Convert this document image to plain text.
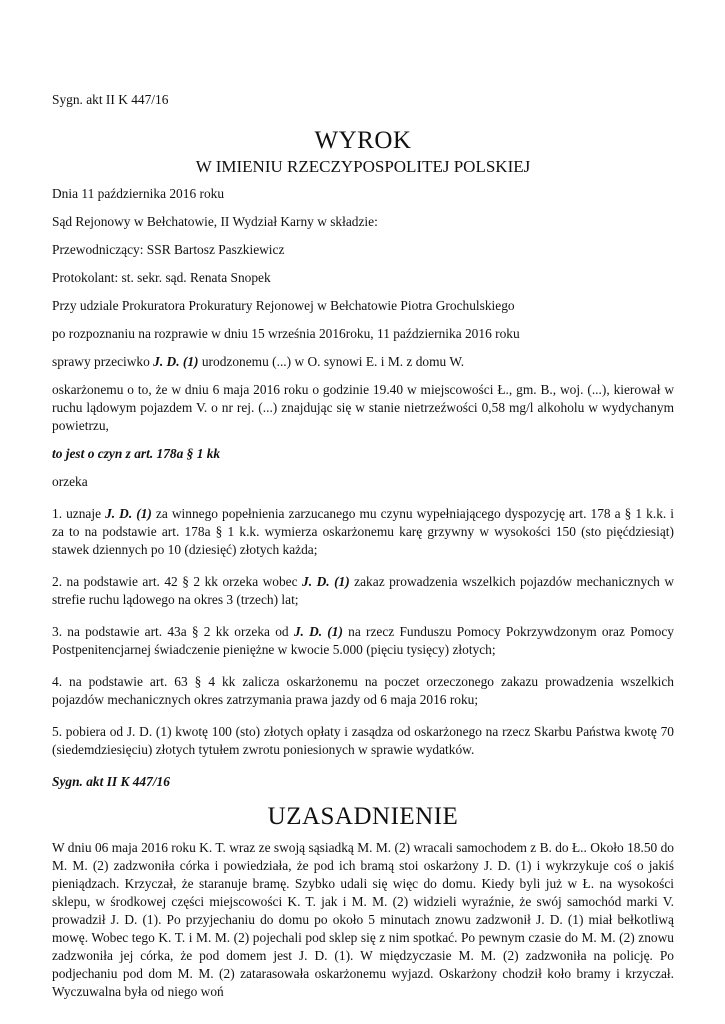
Sygn. akt II K 447/16

WYROK

W IMIENIU RZECZYPOSPOLITEJ POLSKIEJ

Dnia 11 października 2016 roku

Sąd Rejonowy w Bełchatowie, II Wydział Karny w składzie:

Przewodniczący: SSR Bartosz Paszkiewicz

Protokolant: st. sekr. sąd. Renata Snopek

Przy udziale Prokuratora Prokuratury Rejonowej w Bełchatowie Piotra Grochulskiego

po rozpoznaniu na rozprawie w dniu 15 września 2016roku, 11 października 2016 roku

sprawy przeciwko J. D. (1) urodzonemu (...) w O. synowi E. i M. z domu W.

oskarżonemu o to, że w dniu 6 maja 2016 roku o godzinie 19.40 w miejscowości Ł., gm. B., woj. (...), kierował w ruchu lądowym pojazdem V. o nr rej. (...) znajdując się w stanie nietrzeźwości 0,58 mg/l alkoholu w wydychanym powietrzu,

to jest o czyn z art. 178a § 1 kk

orzeka

1. uznaje J. D. (1) za winnego popełnienia zarzucanego mu czynu wypełniającego dyspozycję art. 178 a § 1 k.k. i za to na podstawie art. 178a § 1 k.k. wymierza oskarżonemu karę grzywny w wysokości 150 (sto pięćdziesiąt) stawek dziennych po 10 (dziesięć) złotych każda;

2. na podstawie art. 42 § 2 kk orzeka wobec J. D. (1) zakaz prowadzenia wszelkich pojazdów mechanicznych w strefie ruchu lądowego na okres 3 (trzech) lat;

3. na podstawie art. 43a § 2 kk orzeka od J. D. (1) na rzecz Funduszu Pomocy Pokrzywdzonym oraz Pomocy Postpenitencjarnej świadczenie pieniężne w kwocie 5.000 (pięciu tysięcy) złotych;

4. na podstawie art. 63 § 4 kk zalicza oskarżonemu na poczet orzeczonego zakazu prowadzenia wszelkich pojazdów mechanicznych okres zatrzymania prawa jazdy od 6 maja 2016 roku;

5. pobiera od J. D. (1) kwotę 100 (sto) złotych opłaty i zasądza od oskarżonego na rzecz Skarbu Państwa kwotę 70 (siedemdziesięciu) złotych tytułem zwrotu poniesionych w sprawie wydatków.

Sygn. akt II K 447/16

UZASADNIENIE

W dniu 06 maja 2016 roku K. T. wraz ze swoją sąsiadką M. M. (2) wracali samochodem z B. do Ł.. Około 18.50 do M. M. (2) zadzwoniła córka i powiedziała, że pod ich bramą stoi oskarżony J. D. (1) i wykrzykuje coś o jakiś pieniądzach. Krzyczał, że staranuje bramę. Szybko udali się więc do domu. Kiedy byli już w Ł. na wysokości sklepu, w środkowej części miejscowości K. T. jak i M. M. (2) widzieli wyraźnie, że swój samochód marki V. prowadził J. D. (1). Po przyjechaniu do domu po około 5 minutach znowu zadzwonił J. D. (1) miał bełkotliwą mowę. Wobec tego K. T. i M. M. (2) pojechali pod sklep się z nim spotkać. Po pewnym czasie do M. M. (2) znowu zadzwoniła jej córka, że pod domem jest J. D. (1). W międzyczasie M. M. (2) zadzwoniła na policję. Po podjechaniu pod dom M. M. (2) zatarasowała oskarżonemu wyjazd. Oskarżony chodził koło bramy i krzyczał. Wyczuwalna była od niego woń
